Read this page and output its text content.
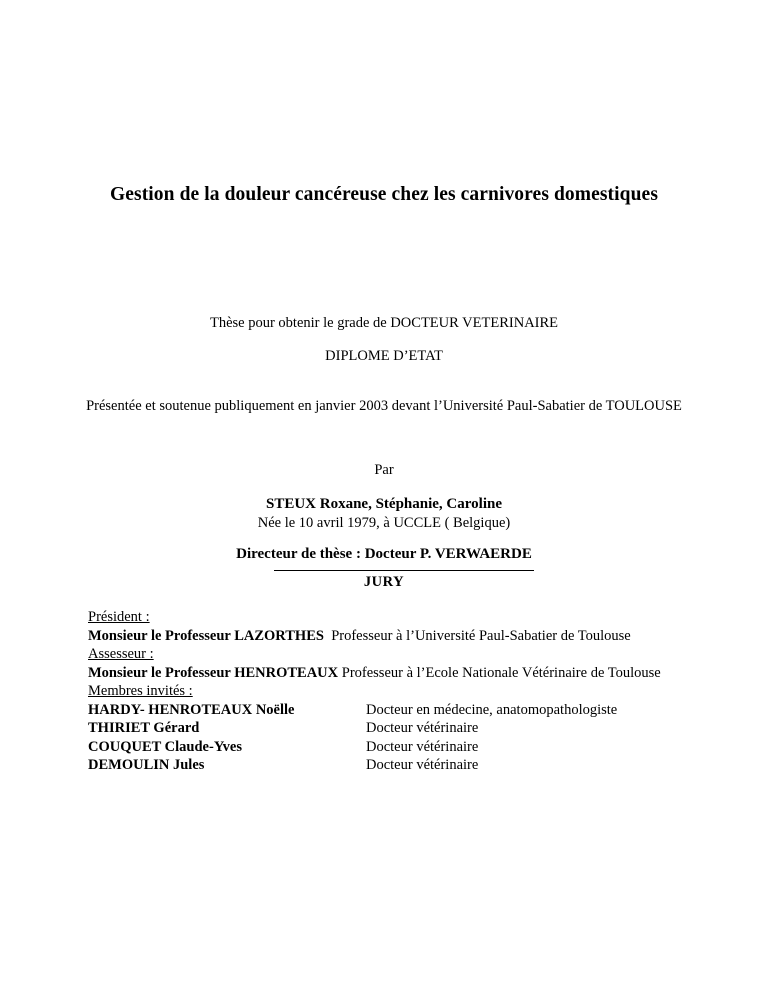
Gestion de la douleur cancéreuse chez les carnivores domestiques
Thèse pour obtenir le grade de DOCTEUR VETERINAIRE
DIPLOME D’ETAT
Présentée et soutenue publiquement en janvier 2003 devant l’Université Paul-Sabatier de TOULOUSE
Par
STEUX Roxane, Stéphanie, Caroline
Née le 10 avril 1979, à UCCLE ( Belgique)
Directeur de thèse : Docteur P. VERWAERDE
JURY

Président :

Monsieur le Professeur LAZORTHES Professeur à l’Université Paul-Sabatier de Toulouse

Assesseur :

Monsieur le Professeur HENROTEAUX Professeur à l’Ecole Nationale Vétérinaire de Toulouse

Membres invités :

HARDY- HENROTEAUX Noëlle	Docteur en médecine, anatomopathologiste
THIRIET Gérard	Docteur vétérinaire
COUQUET Claude-Yves	Docteur vétérinaire
DEMOULIN Jules	Docteur vétérinaire
